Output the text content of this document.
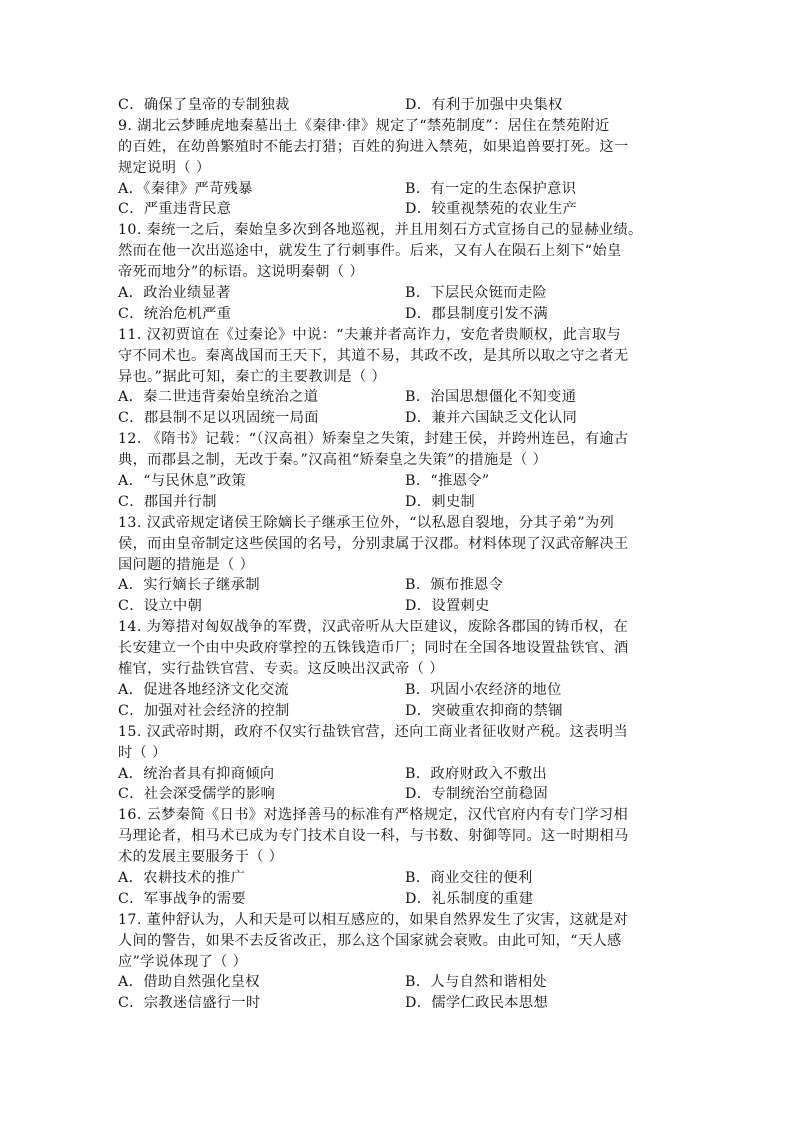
C．确保了皇帝的专制独裁	D．有利于加强中央集权
9. 湖北云梦睡虎地秦墓出土《秦律·律》规定了“禁苑制度”：居住在禁苑附近
的百姓，在幼兽繁殖时不能去打猎；百姓的狗进入禁苑，如果追兽要打死。这一
规定说明（ ）
A．《秦律》严苛残暴	B．有一定的生态保护意识
C．严重违背民意	D．较重视禁苑的农业生产
10. 秦统一之后，秦始皇多次到各地巡视，并且用刻石方式宣扬自己的显赫业绩。
然而在他一次出巡途中，就发生了行刺事件。后来，又有人在陨石上刻下“始皇
帝死而地分”的标语。这说明秦朝（ ）
A．政治业绩显著	B．下层民众铤而走险
C．统治危机严重	D．郡县制度引发不满
11. 汉初贾谊在《过秦论》中说：“夫兼并者高诈力，安危者贵顺权，此言取与
守不同术也。秦离战国而王天下，其道不易，其政不改，是其所以取之守之者无
异也。”据此可知，秦亡的主要教训是（ ）
A．秦二世违背秦始皇统治之道	B．治国思想僵化不知变通
C．郡县制不足以巩固统一局面	D．兼并六国缺乏文化认同
12. 《隋书》记载：“（汉高祖）矫秦皇之失策，封建王侯，并跨州连邑，有逾古
典，而郡县之制，无改于秦。”汉高祖“矫秦皇之失策”的措施是（ ）
A．“与民休息”政策	B．“推恩令”
C．郡国并行制	D．刺史制
13. 汉武帝规定诸侯王除嫡长子继承王位外，“以私恩自裂地，分其子弟”为列
侯，而由皇帝制定这些侯国的名号，分别隶属于汉郡。材料体现了汉武帝解决王
国问题的措施是（ ）
A．实行嫡长子继承制	B．颁布推恩令
C．设立中朝	D．设置刺史
14. 为筹措对匈奴战争的军费，汉武帝听从大臣建议，废除各郡国的铸币权，在
长安建立一个由中央政府掌控的五铢钱造币厂；同时在全国各地设置盐铁官、酒
榷官，实行盐铁官营、专卖。这反映出汉武帝（ ）
A．促进各地经济文化交流	B．巩固小农经济的地位
C．加强对社会经济的控制	D．突破重农抑商的禁锢
15. 汉武帝时期，政府不仅实行盐铁官营，还向工商业者征收财产税。这表明当
时（ ）
A．统治者具有抑商倾向	B．政府财政入不敷出
C．社会深受儒学的影响	D．专制统治空前稳固
16. 云梦秦简《日书》对选择善马的标准有严格规定，汉代官府内有专门学习相
马理论者，相马术已成为专门技术自设一科，与书数、射御等同。这一时期相马
术的发展主要服务于（ ）
A．农耕技术的推广	B．商业交往的便利
C．军事战争的需要	D．礼乐制度的重建
17. 董仲舒认为，人和天是可以相互感应的，如果自然界发生了灾害，这就是对
人间的警告，如果不去反省改正，那么这个国家就会衰败。由此可知，“天人感
应”学说体现了（ ）
A．借助自然强化皇权	B．人与自然和谐相处
C．宗教迷信盛行一时	D．儒学仁政民本思想
